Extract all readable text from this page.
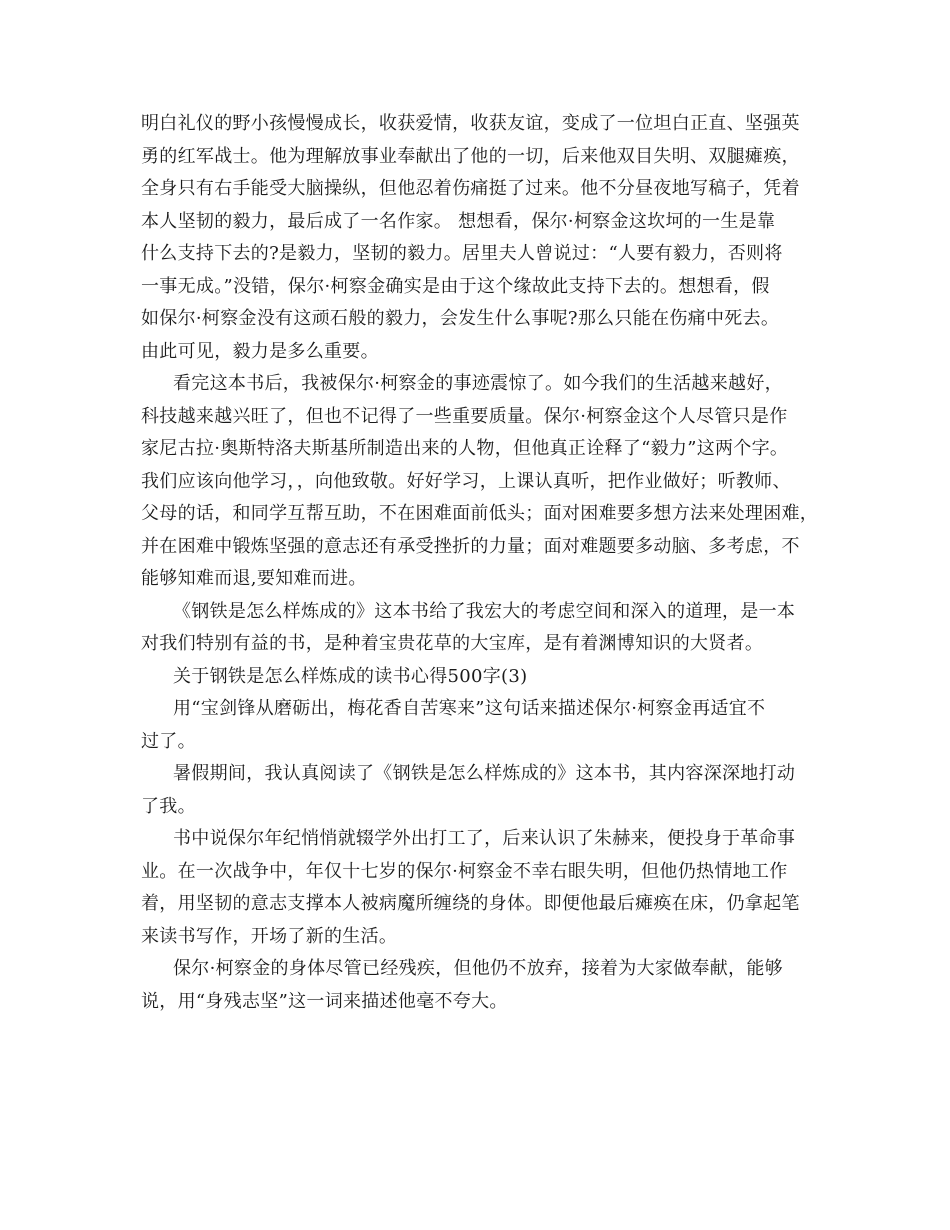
明白礼仪的野小孩慢慢成长，收获爱情，收获友谊，变成了一位坦白正直、坚强英
勇的红军战士。他为理解放事业奉献出了他的一切，后来他双目失明、双腿瘫痪，
全身只有右手能受大脑操纵，但他忍着伤痛挺了过来。他不分昼夜地写稿子，凭着
本人坚韧的毅力，最后成了一名作家。 想想看，保尔·柯察金这坎坷的一生是靠
什么支持下去的?是毅力，坚韧的毅力。居里夫人曾说过：“人要有毅力，否则将
一事无成。”没错，保尔·柯察金确实是由于这个缘故此支持下去的。想想看，假
如保尔·柯察金没有这顽石般的毅力，会发生什么事呢?那么只能在伤痛中死去。
由此可见，毅力是多么重要。
看完这本书后，我被保尔·柯察金的事迹震惊了。如今我们的生活越来越好，
科技越来越兴旺了，但也不记得了一些重要质量。保尔·柯察金这个人尽管只是作
家尼古拉·奥斯特洛夫斯基所制造出来的人物，但他真正诠释了“毅力”这两个字。
我们应该向他学习，，向他致敬。好好学习，上课认真听，把作业做好；听教师、
父母的话，和同学互帮互助，不在困难面前低头；面对困难要多想方法来处理困难，
并在困难中锻炼坚强的意志还有承受挫折的力量；面对难题要多动脑、多考虑，不
能够知难而退,要知难而进。
《钢铁是怎么样炼成的》这本书给了我宏大的考虑空间和深入的道理，是一本
对我们特别有益的书，是种着宝贵花草的大宝库，是有着渊博知识的大贤者。
关于钢铁是怎么样炼成的读书心得500字(3)
用“宝剑锋从磨砺出，梅花香自苦寒来”这句话来描述保尔·柯察金再适宜不
过了。
暑假期间，我认真阅读了《钢铁是怎么样炼成的》这本书，其内容深深地打动
了我。
书中说保尔年纪悄悄就辍学外出打工了，后来认识了朱赫来，便投身于革命事
业。在一次战争中，年仅十七岁的保尔·柯察金不幸右眼失明，但他仍热情地工作
着，用坚韧的意志支撑本人被病魔所缠绕的身体。即便他最后瘫痪在床，仍拿起笔
来读书写作，开场了新的生活。
保尔·柯察金的身体尽管已经残疾，但他仍不放弃，接着为大家做奉献，能够
说，用“身残志坚”这一词来描述他毫不夸大。
